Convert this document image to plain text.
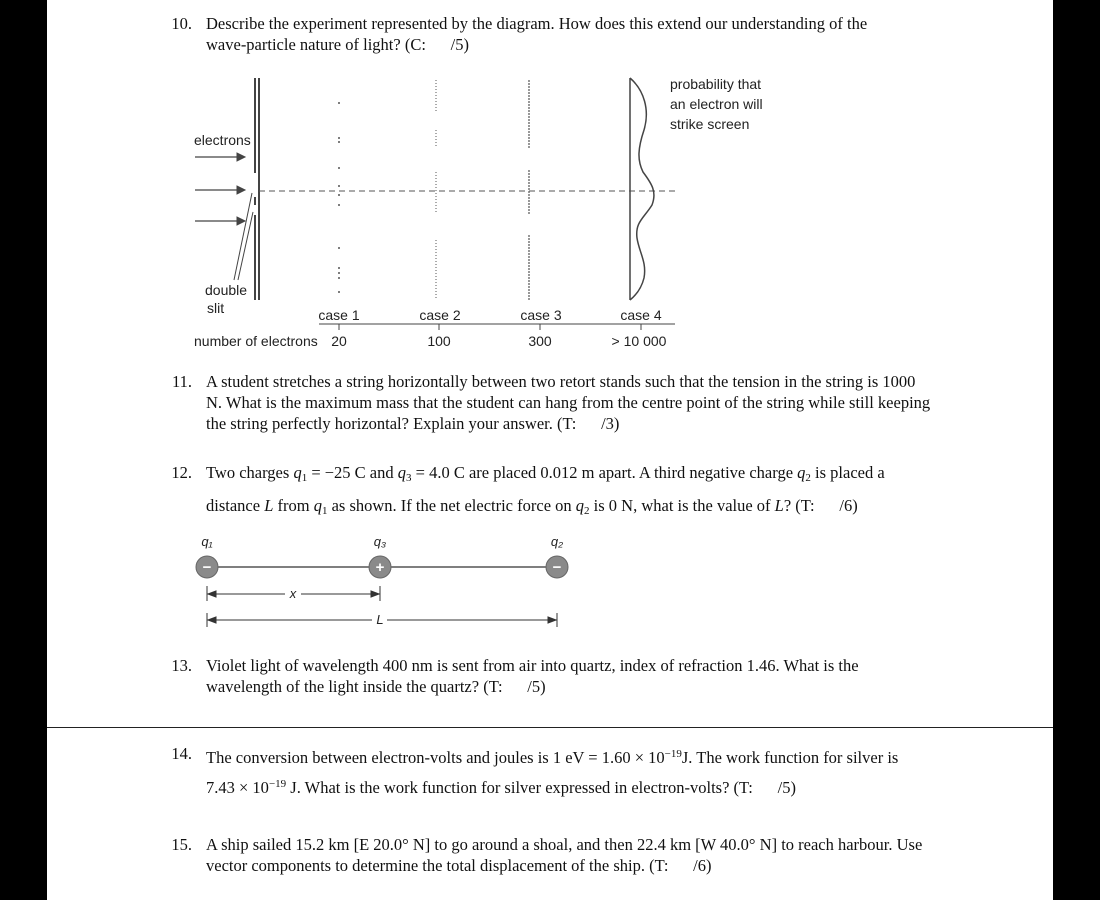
10. Describe the experiment represented by the diagram. How does this extend our understanding of the
wave-particle nature of light? (C: /5)
electrons
double
slit
probability that
an electron will
strike screen
case 1	case 2	case 3	case 4
number of electrons 20	100	300	> 10 000
11. A student stretches a string horizontally between two retort stands such that the tension in the string is 1000
N. What is the maximum mass that the student can hang from the centre point of the string while still keeping
the string perfectly horizontal? Explain your answer. (T: /3)
12. Two charges $q_1 = -25$ C and $q_3 = 4.0$ C are placed 0.012 m apart. A third negative charge $q_2$ is placed a
distance L from $q_1$ as shown. If the net electric force on $q_2$ is 0 N, what is the value of L? (T: /6)
−	+	−
q₁	q₃	q₂
x
L
13. Violet light of wavelength 400 nm is sent from air into quartz, index of refraction 1.46. What is the
wavelength of the light inside the quartz? (T: /5)
14. The conversion between electron-volts and joules is 1 eV = $1.60 \times 10^{-19}J$. The work function for silver is
$7.43 \times 10^{-19}$ J. What is the work function for silver expressed in electron-volts? (T: /5)
15. A ship sailed 15.2 km [E 20.0° N] to go around a shoal, and then 22.4 km [W 40.0° N] to reach harbour. Use
vector components to determine the total displacement of the ship. (T: /6)
